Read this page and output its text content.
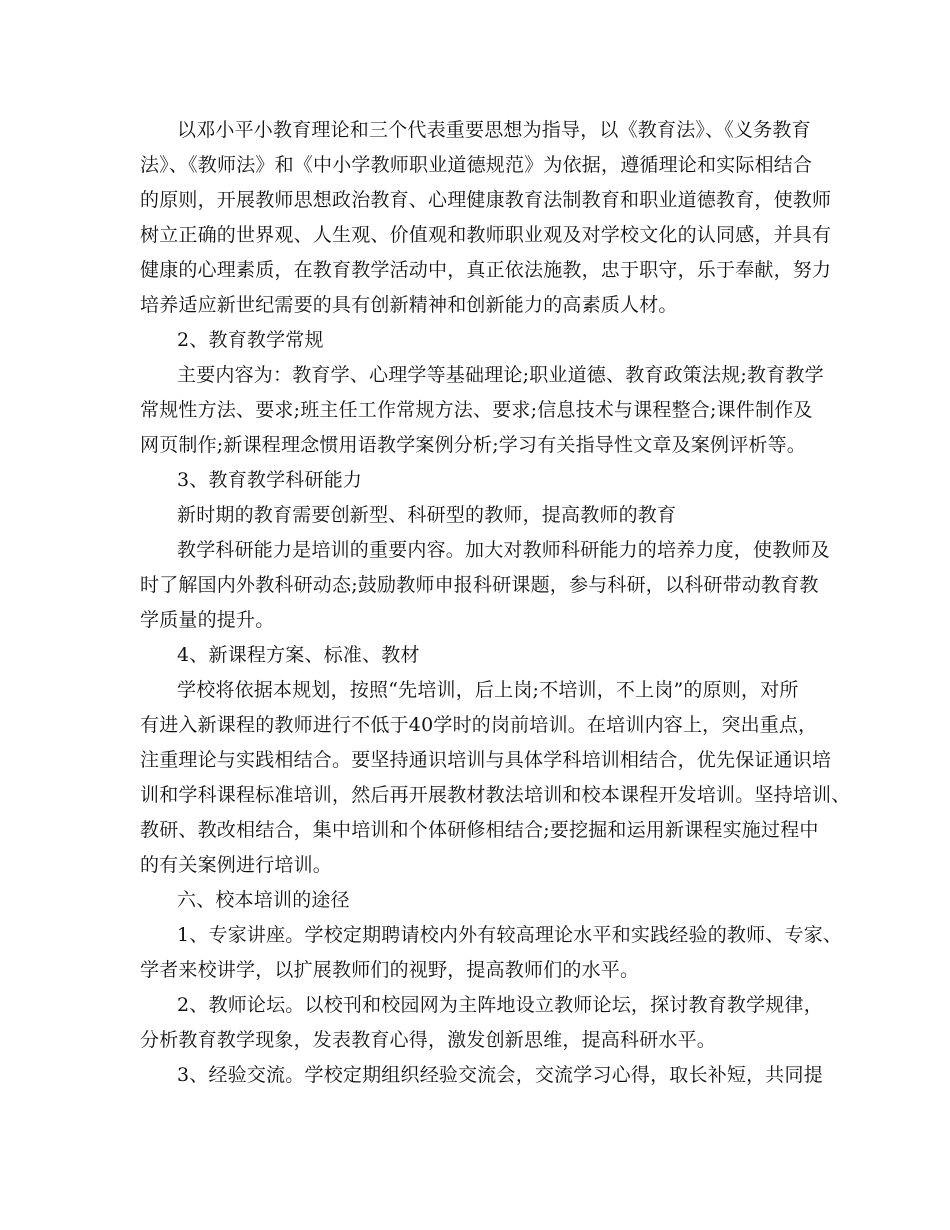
以邓小平小教育理论和三个代表重要思想为指导，以《教育法》、《义务教育
法》、《教师法》和《中小学教师职业道德规范》为依据，遵循理论和实际相结合
的原则，开展教师思想政治教育、心理健康教育法制教育和职业道德教育，使教师
树立正确的世界观、人生观、价值观和教师职业观及对学校文化的认同感，并具有
健康的心理素质，在教育教学活动中，真正依法施教，忠于职守，乐于奉献，努力
培养适应新世纪需要的具有创新精神和创新能力的高素质人材。
2、教育教学常规
主要内容为：教育学、心理学等基础理论;职业道德、教育政策法规;教育教学
常规性方法、要求;班主任工作常规方法、要求;信息技术与课程整合;课件制作及
网页制作;新课程理念惯用语教学案例分析;学习有关指导性文章及案例评析等。
3、教育教学科研能力
新时期的教育需要创新型、科研型的教师，提高教师的教育
教学科研能力是培训的重要内容。加大对教师科研能力的培养力度，使教师及
时了解国内外教科研动态;鼓励教师申报科研课题，参与科研，以科研带动教育教
学质量的提升。
4、新课程方案、标准、教材
学校将依据本规划，按照“先培训，后上岗;不培训，不上岗”的原则，对所
有进入新课程的教师进行不低于40学时的岗前培训。在培训内容上，突出重点，
注重理论与实践相结合。要坚持通识培训与具体学科培训相结合，优先保证通识培
训和学科课程标准培训，然后再开展教材教法培训和校本课程开发培训。坚持培训、
教研、教改相结合，集中培训和个体研修相结合;要挖掘和运用新课程实施过程中
的有关案例进行培训。
六、校本培训的途径
1、专家讲座。学校定期聘请校内外有较高理论水平和实践经验的教师、专家、
学者来校讲学，以扩展教师们的视野，提高教师们的水平。
2、教师论坛。以校刊和校园网为主阵地设立教师论坛，探讨教育教学规律，
分析教育教学现象，发表教育心得，激发创新思维，提高科研水平。
3、经验交流。学校定期组织经验交流会，交流学习心得，取长补短，共同提
